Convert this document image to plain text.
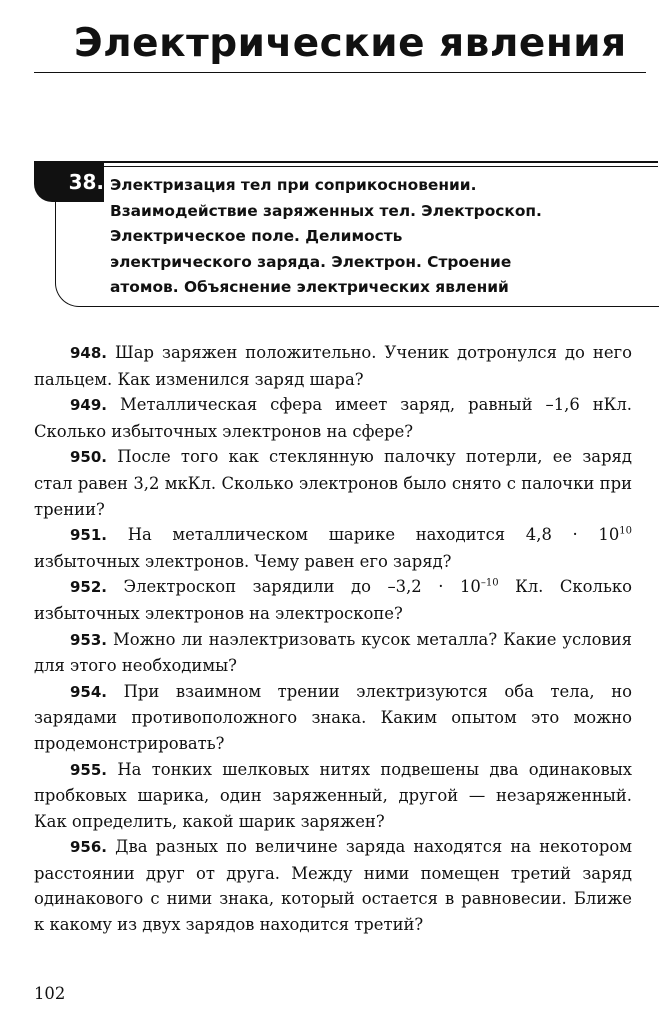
Электрические явления
38. Электризация тел при соприкосновении.
Взаимодействие заряженных тел. Электроскоп.
Электрическое поле. Делимость
электрического заряда. Электрон. Строение
атомов. Объяснение электрических явлений

948. Шар заряжен положительно. Ученик дотронулся до него пальцем. Как изменился заряд шара?

949. Металлическая сфера имеет заряд, равный –1,6 нКл. Сколько избыточных электронов на сфере?

950. После того как стеклянную палочку потерли, ее заряд стал равен 3,2 мкКл. Сколько электронов было снято с палочки при трении?

951. На металлическом шарике находится $4,8 \cdot 10^{10}$ избыточных электронов. Чему равен его заряд?

952. Электроскоп зарядили до $-3,2 \cdot 10^{-10}$ Кл. Сколько избыточных электронов на электроскопе?

953. Можно ли наэлектризовать кусок металла? Какие условия для этого необходимы?

954. При взаимном трении электризуются оба тела, но зарядами противоположного знака. Каким опытом это можно продемонстрировать?

955. На тонких шелковых нитях подвешены два одинаковых пробковых шарика, один заряженный, другой — незаряженный. Как определить, какой шарик заряжен?

956. Два разных по величине заряда находятся на некотором расстоянии друг от друга. Между ними помещен третий заряд одинакового с ними знака, который остается в равновесии. Ближе к какому из двух зарядов находится третий?

102
